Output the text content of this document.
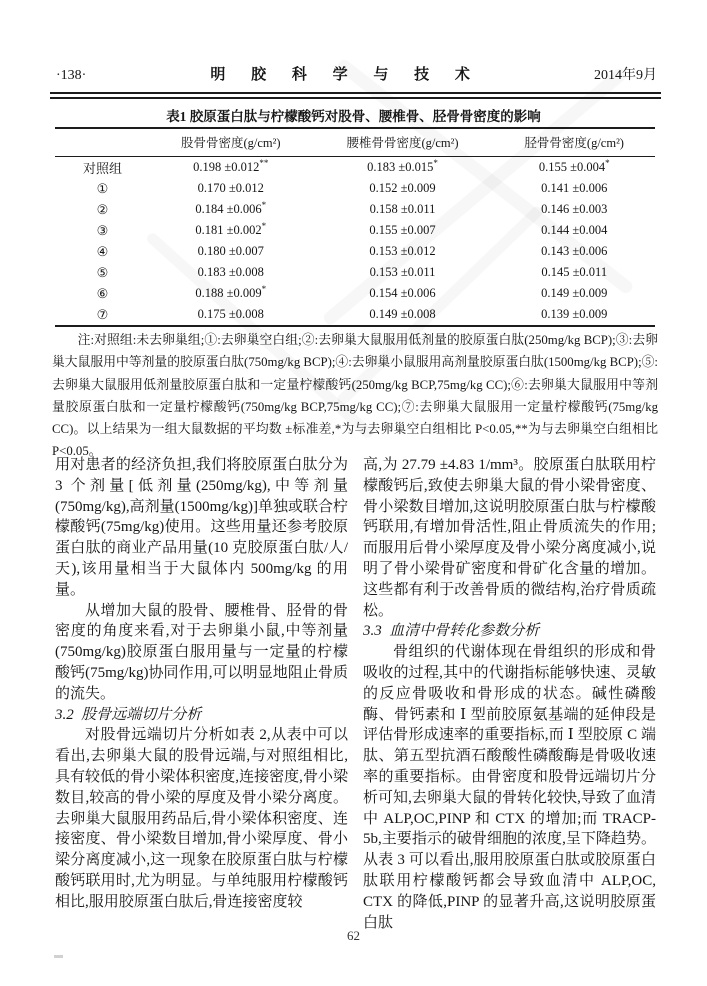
·138·	明 胶 科 学 与 技 术	2014年9月
表1 胶原蛋白肽与柠檬酸钙对股骨、腰椎骨、胫骨骨密度的影响
	股骨骨密度(g/cm²)	腰椎骨骨密度(g/cm²)	胫骨骨密度(g/cm²)
对照组	0.198 ±0.012**	0.183 ±0.015*	0.155 ±0.004*
①	0.170 ±0.012	0.152 ±0.009	0.141 ±0.006
②	0.184 ±0.006*	0.158 ±0.011	0.146 ±0.003
③	0.181 ±0.002*	0.155 ±0.007	0.144 ±0.004
④	0.180 ±0.007	0.153 ±0.012	0.143 ±0.006
⑤	0.183 ±0.008	0.153 ±0.011	0.145 ±0.011
⑥	0.188 ±0.009*	0.154 ±0.006	0.149 ±0.009
⑦	0.175 ±0.008	0.149 ±0.008	0.139 ±0.009
注:对照组:未去卵巢组;①:去卵巢空白组;②:去卵巢大鼠服用低剂量的胶原蛋白肽(250mg/kg BCP);③:去卵巢大鼠服用中等剂量的胶原蛋白肽(750mg/kg BCP);④:去卵巢小鼠服用高剂量胶原蛋白肽(1500mg/kg BCP);⑤:去卵巢大鼠服用低剂量胶原蛋白肽和一定量柠檬酸钙(250mg/kg BCP,75mg/kg CC);⑥:去卵巢大鼠服用中等剂量胶原蛋白肽和一定量柠檬酸钙(750mg/kg BCP,75mg/kg CC);⑦:去卵巢大鼠服用一定量柠檬酸钙(75mg/kg CC)。以上结果为一组大鼠数据的平均数 ±标准差,*为与去卵巢空白组相比 P<0.05,**为与去卵巢空白组相比 P<0.05。

用对患者的经济负担,我们将胶原蛋白肽分为3 个剂量[低剂量(250mg/kg),中等剂量(750mg/kg),高剂量(1500mg/kg)]单独或联合柠檬酸钙(75mg/kg)使用。这些用量还参考胶原蛋白肽的商业产品用量(10 克胶原蛋白肽/人/天),该用量相当于大鼠体内 500mg/kg 的用量。

从增加大鼠的股骨、腰椎骨、胫骨的骨密度的角度来看,对于去卵巢小鼠,中等剂量(750mg/kg)胶原蛋白服用量与一定量的柠檬酸钙(75mg/kg)协同作用,可以明显地阻止骨质的流失。

3.2  股骨远端切片分析

对股骨远端切片分析如表 2,从表中可以看出,去卵巢大鼠的股骨远端,与对照组相比,具有较低的骨小梁体积密度,连接密度,骨小梁数目,较高的骨小梁的厚度及骨小梁分离度。去卵巢大鼠服用药品后,骨小梁体积密度、连接密度、骨小梁数目增加,骨小梁厚度、骨小梁分离度减小,这一现象在胶原蛋白肽与柠檬酸钙联用时,尤为明显。与单纯服用柠檬酸钙相比,服用胶原蛋白肽后,骨连接密度较

高,为 27.79 ±4.83 1/mm³。胶原蛋白肽联用柠檬酸钙后,致使去卵巢大鼠的骨小梁骨密度、骨小梁数目增加,这说明胶原蛋白肽与柠檬酸钙联用,有增加骨活性,阻止骨质流失的作用;而服用后骨小梁厚度及骨小梁分离度减小,说明了骨小梁骨矿密度和骨矿化含量的增加。这些都有利于改善骨质的微结构,治疗骨质疏松。

3.3  血清中骨转化参数分析

骨组织的代谢体现在骨组织的形成和骨吸收的过程,其中的代谢指标能够快速、灵敏的反应骨吸收和骨形成的状态。碱性磷酸酶、骨钙素和 Ⅰ 型前胶原氨基端的延伸段是评估骨形成速率的重要指标,而 Ⅰ 型胶原 C 端肽、第五型抗酒石酸酸性磷酸酶是骨吸收速率的重要指标。由骨密度和股骨远端切片分析可知,去卵巢大鼠的骨转化较快,导致了血清中 ALP,OC,PINP 和 CTX 的增加;而 TRACP-5b,主要指示的破骨细胞的浓度,呈下降趋势。从表 3 可以看出,服用胶原蛋白肽或胶原蛋白肽联用柠檬酸钙都会导致血清中 ALP,OC, CTX 的降低,PINP 的显著升高,这说明胶原蛋白肽

62
